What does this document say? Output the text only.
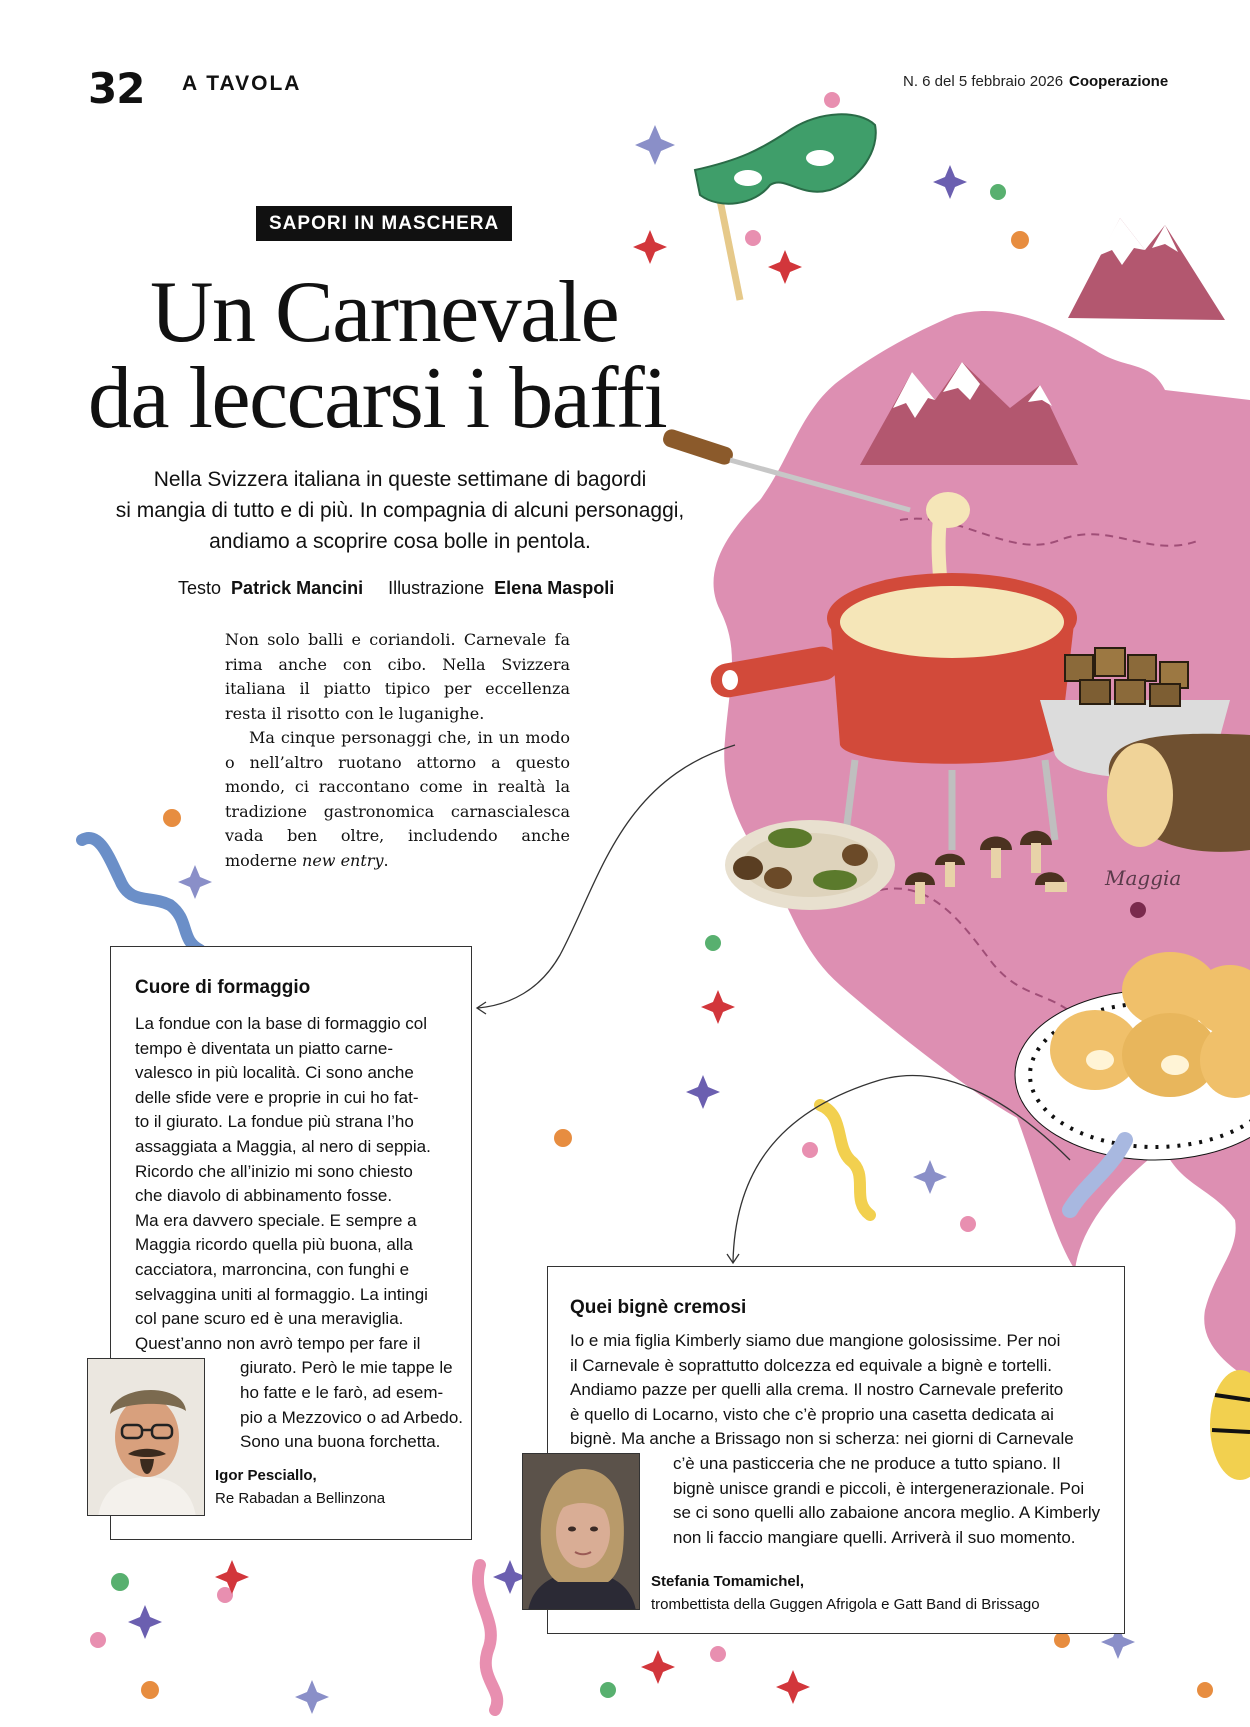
Maggia
32 A TAVOLA	N. 6 del 5 febbraio 2026 Cooperazione
SAPORI IN MASCHERA
Un Carnevale
da leccarsi i baffi
Nella Svizzera italiana in queste settimane di bagordi
si mangia di tutto e di più. In compagnia di alcuni personaggi,
andiamo a scoprire cosa bolle in pentola.
Testo Patrick Mancini Illustrazione Elena Maspoli

Non solo balli e coriandoli. Carnevale fa rima anche con cibo. Nella Svizzera italiana il piatto tipico per eccellenza resta il risotto con le luganighe.

Ma cinque personaggi che, in un modo o nell’altro ruotano attorno a questo mondo, ci raccontano come in realtà la tradizione gastronomica carnascialesca vada ben oltre, includendo anche moderne new entry.

Cuore di formaggio

La fondue con la base di formaggio col

tempo è diventata un piatto carne-

valesco in più località. Ci sono anche

delle sfide vere e proprie in cui ho fat-

to il giurato. La fondue più strana l’ho

assaggiata a Maggia, al nero di seppia.

Ricordo che all’inizio mi sono chiesto

che diavolo di abbinamento fosse.

Ma era davvero speciale. E sempre a

Maggia ricordo quella più buona, alla

cacciatora, marroncina, con funghi e

selvaggina uniti al formaggio. La intingi

col pane scuro ed è una meraviglia.

Quest’anno non avrò tempo per fare il

giurato. Però le mie tappe le

ho fatte e le farò, ad esem-

pio a Mezzovico o ad Arbedo.

Sono una buona forchetta.

Igor Pesciallo,
Re Rabadan a Bellinzona
Quei bignè cremosi

Io e mia figlia Kimberly siamo due mangione golosissime. Per noi

il Carnevale è soprattutto dolcezza ed equivale a bignè e tortelli.

Andiamo pazze per quelli alla crema. Il nostro Carnevale preferito

è quello di Locarno, visto che c’è proprio una casetta dedicata ai

bignè. Ma anche a Brissago non si scherza: nei giorni di Carnevale

c’è una pasticceria che ne produce a tutto spiano. Il

bignè unisce grandi e piccoli, è intergenerazionale. Poi

se ci sono quelli allo zabaione ancora meglio. A Kimberly

non li faccio mangiare quelli. Arriverà il suo momento.

Stefania Tomamichel,
trombettista della Guggen Afrigola e Gatt Band di Brissago
